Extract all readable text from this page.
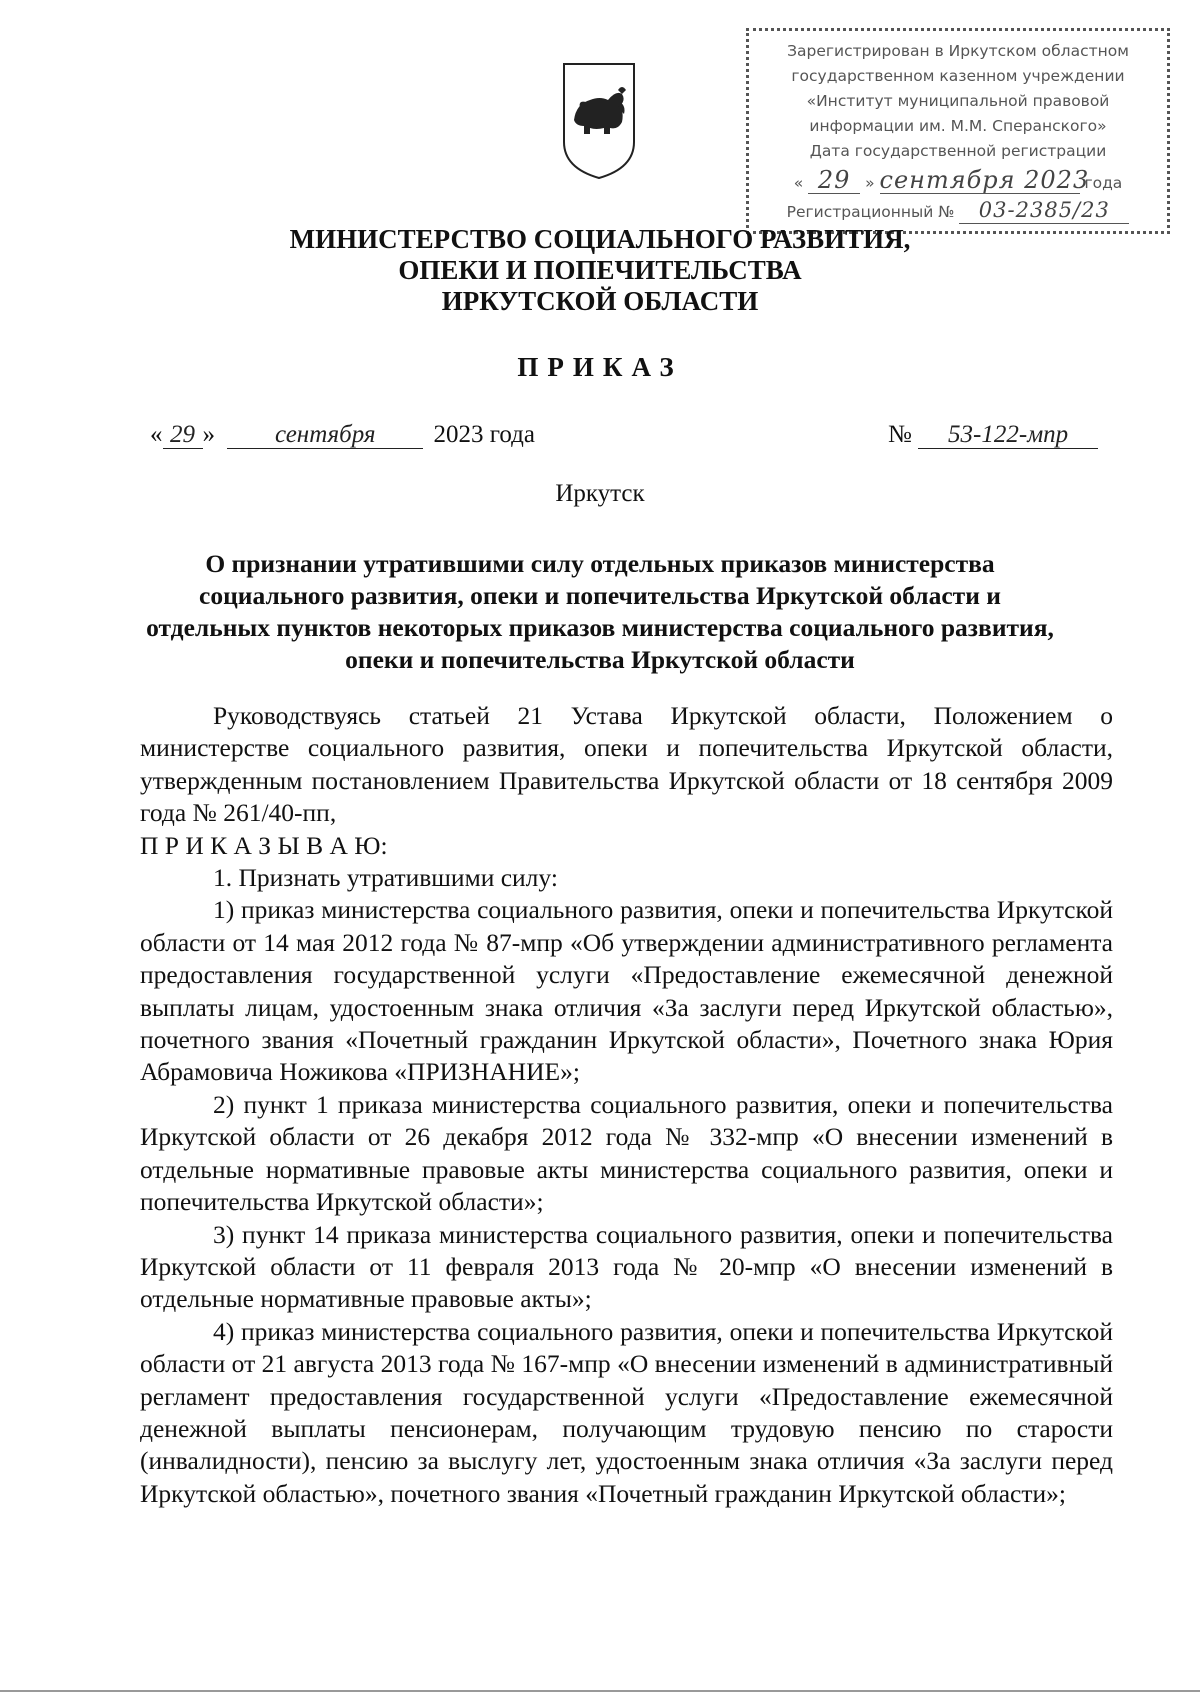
Зарегистрирован в Иркутском областном
государственном казенном учреждении
«Институт муниципальной правовой
информации им. М.М. Сперанского»
Дата государственной регистрации
« 29 » сентября 2023 года
Регистрационный № 03-2385/23
МИНИСТЕРСТВО СОЦИАЛЬНОГО РАЗВИТИЯ,
ОПЕКИ И ПОПЕЧИТЕЛЬСТВА
ИРКУТСКОЙ ОБЛАСТИ
ПРИКАЗ
« 29 » сентября 2023 года	№ 53-122-мпр
Иркутск
О признании утратившими силу отдельных приказов министерства социального развития, опеки и попечительства Иркутской области и отдельных пунктов некоторых приказов министерства социального развития, опеки и попечительства Иркутской области

Руководствуясь статьей 21 Устава Иркутской области, Положением о министерстве социального развития, опеки и попечительства Иркутской области, утвержденным постановлением Правительства Иркутской области от 18 сентября 2009 года № 261/40-пп,

П Р И К А З Ы В А Ю:

1. Признать утратившими силу:

1) приказ министерства социального развития, опеки и попечительства Иркутской области от 14 мая 2012 года № 87-мпр «Об утверждении административного регламента предоставления государственной услуги «Предоставление ежемесячной денежной выплаты лицам, удостоенным знака отличия «За заслуги перед Иркутской областью», почетного звания «Почетный гражданин Иркутской области», Почетного знака Юрия Абрамовича Ножикова «ПРИЗНАНИЕ»;

2) пункт 1 приказа министерства социального развития, опеки и попечительства Иркутской области от 26 декабря 2012 года № 332-мпр «О внесении изменений в отдельные нормативные правовые акты министерства социального развития, опеки и попечительства Иркутской области»;

3) пункт 14 приказа министерства социального развития, опеки и попечительства Иркутской области от 11 февраля 2013 года № 20-мпр «О внесении изменений в отдельные нормативные правовые акты»;

4) приказ министерства социального развития, опеки и попечительства Иркутской области от 21 августа 2013 года № 167-мпр «О внесении изменений в административный регламент предоставления государственной услуги «Предоставление ежемесячной денежной выплаты пенсионерам, получающим трудовую пенсию по старости (инвалидности), пенсию за выслугу лет, удостоенным знака отличия «За заслуги перед Иркутской областью», почетного звания «Почетный гражданин Иркутской области»;
